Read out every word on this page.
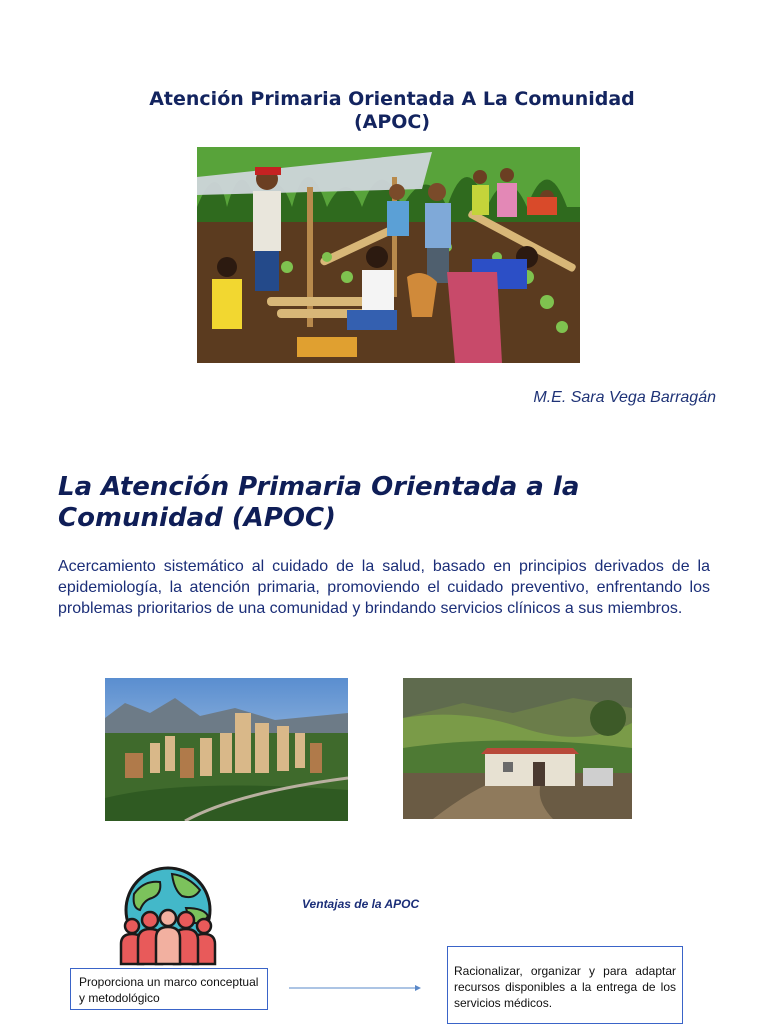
Atención Primaria Orientada A La Comunidad
(APOC)
M.E. Sara Vega Barragán
La Atención Primaria Orientada a la Comunidad (APOC)
Acercamiento sistemático al cuidado de la salud, basado en principios derivados de la epidemiología, la atención primaria, promoviendo el cuidado preventivo, enfrentando los problemas prioritarios de una comunidad y brindando servicios clínicos a sus miembros.
Ventajas de la APOC
Proporciona un marco conceptual y metodológico
Racionalizar, organizar y para adaptar recursos disponibles a la entrega de los servicios médicos.
